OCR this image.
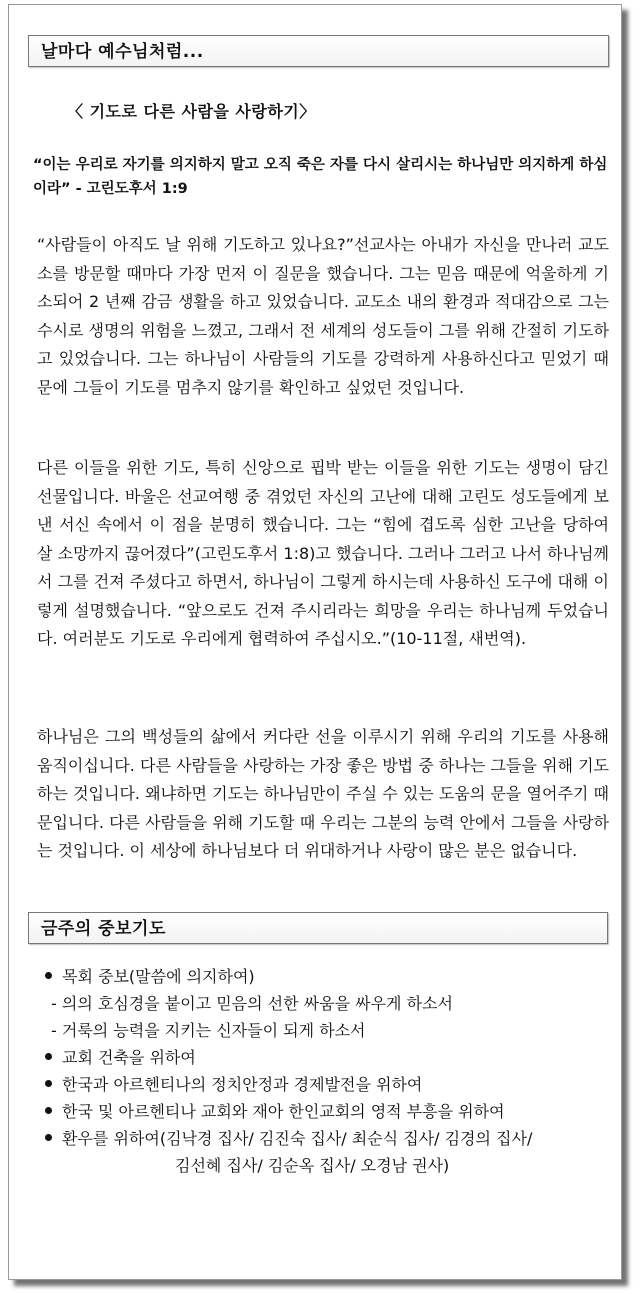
날마다 예수님처럼...
〈 기도로 다른 사람을 사랑하기〉
“이는 우리로 자기를 의지하지 말고 오직 죽은 자를 다시 살리시는 하나님만 의지하게 하심이라” - 고린도후서 1:9
“사람들이 아직도 날 위해 기도하고 있나요?”선교사는 아내가 자신을 만나러 교도소를 방문할 때마다 가장 먼저 이 질문을 했습니다. 그는 믿음 때문에 억울하게 기소되어 2 년째 감금 생활을 하고 있었습니다. 교도소 내의 환경과 적대감으로 그는 수시로 생명의 위험을 느꼈고, 그래서 전 세계의 성도들이 그를 위해 간절히 기도하고 있었습니다. 그는 하나님이 사람들의 기도를 강력하게 사용하신다고 믿었기 때문에 그들이 기도를 멈추지 않기를 확인하고 싶었던 것입니다.
다른 이들을 위한 기도, 특히 신앙으로 핍박 받는 이들을 위한 기도는 생명이 담긴 선물입니다. 바울은 선교여행 중 겪었던 자신의 고난에 대해 고린도 성도들에게 보낸 서신 속에서 이 점을 분명히 했습니다. 그는 “힘에 겹도록 심한 고난을 당하여 살 소망까지 끊어졌다”(고린도후서 1:8)고 했습니다. 그러나 그러고 나서 하나님께서 그를 건져 주셨다고 하면서, 하나님이 그렇게 하시는데 사용하신 도구에 대해 이렇게 설명했습니다. “앞으로도 건져 주시리라는 희망을 우리는 하나님께 두었습니다. 여러분도 기도로 우리에게 협력하여 주십시오.”(10-11절, 새번역).
하나님은 그의 백성들의 삶에서 커다란 선을 이루시기 위해 우리의 기도를 사용해 움직이십니다. 다른 사람들을 사랑하는 가장 좋은 방법 중 하나는 그들을 위해 기도하는 것입니다. 왜냐하면 기도는 하나님만이 주실 수 있는 도움의 문을 열어주기 때문입니다. 다른 사람들을 위해 기도할 때 우리는 그분의 능력 안에서 그들을 사랑하는 것입니다. 이 세상에 하나님보다 더 위대하거나 사랑이 많은 분은 없습니다.
금주의 중보기도
목회 중보(말씀에 의지하여)
- 의의 호심경을 붙이고 믿음의 선한 싸움을 싸우게 하소서
- 거룩의 능력을 지키는 신자들이 되게 하소서
교회 건축을 위하여
한국과 아르헨티나의 정치안정과 경제발전을 위하여
한국 및 아르헨티나 교회와 재아 한인교회의 영적 부흥을 위하여
환우를 위하여(김낙경 집사/ 김진숙 집사/ 최순식 집사/ 김경의 집사/
김선혜 집사/ 김순옥 집사/ 오경남 권사)
